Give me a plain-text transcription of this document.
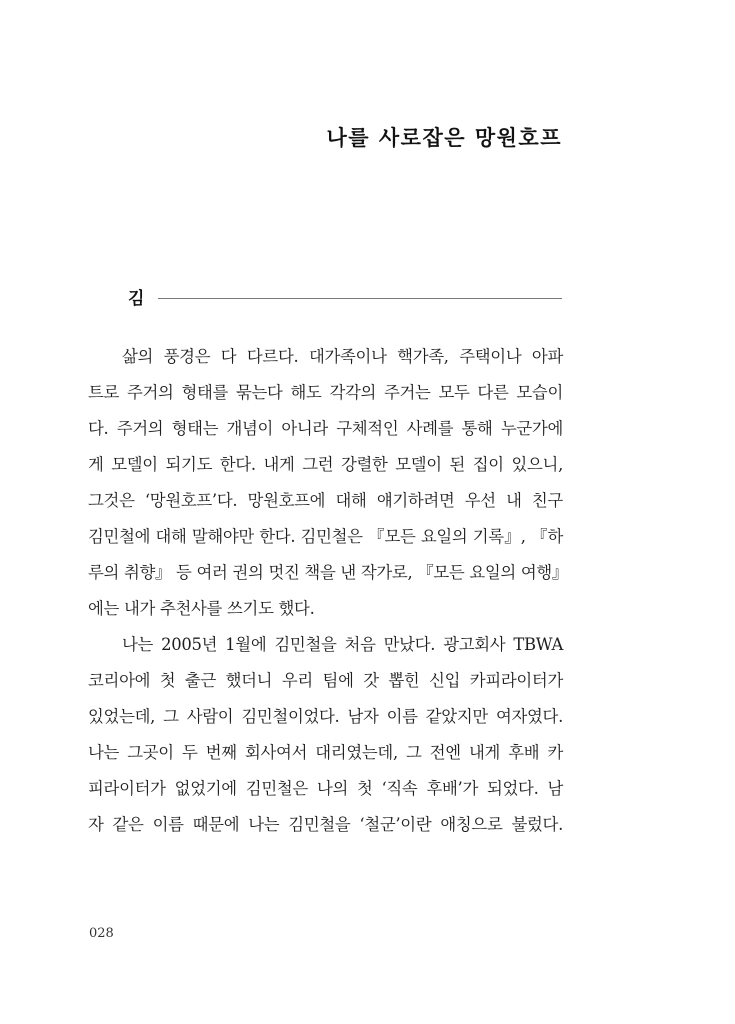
나를 사로잡은 망원호프
김
삶의 풍경은 다 다르다. 대가족이나 핵가족, 주택이나 아파
트로 주거의 형태를 묶는다 해도 각각의 주거는 모두 다른 모습이
다. 주거의 형태는 개념이 아니라 구체적인 사례를 통해 누군가에
게 모델이 되기도 한다. 내게 그런 강렬한 모델이 된 집이 있으니,
그것은 ‘망원호프’다. 망원호프에 대해 얘기하려면 우선 내 친구
김민철에 대해 말해야만 한다. 김민철은 『모든 요일의 기록』, 『하
루의 취향』 등 여러 권의 멋진 책을 낸 작가로, 『모든 요일의 여행』
에는 내가 추천사를 쓰기도 했다.
나는 2005년 1월에 김민철을 처음 만났다. 광고회사 TBWA
코리아에 첫 출근 했더니 우리 팀에 갓 뽑힌 신입 카피라이터가
있었는데, 그 사람이 김민철이었다. 남자 이름 같았지만 여자였다.
나는 그곳이 두 번째 회사여서 대리였는데, 그 전엔 내게 후배 카
피라이터가 없었기에 김민철은 나의 첫 ‘직속 후배’가 되었다. 남
자 같은 이름 때문에 나는 김민철을 ‘철군’이란 애칭으로 불렀다.
028
